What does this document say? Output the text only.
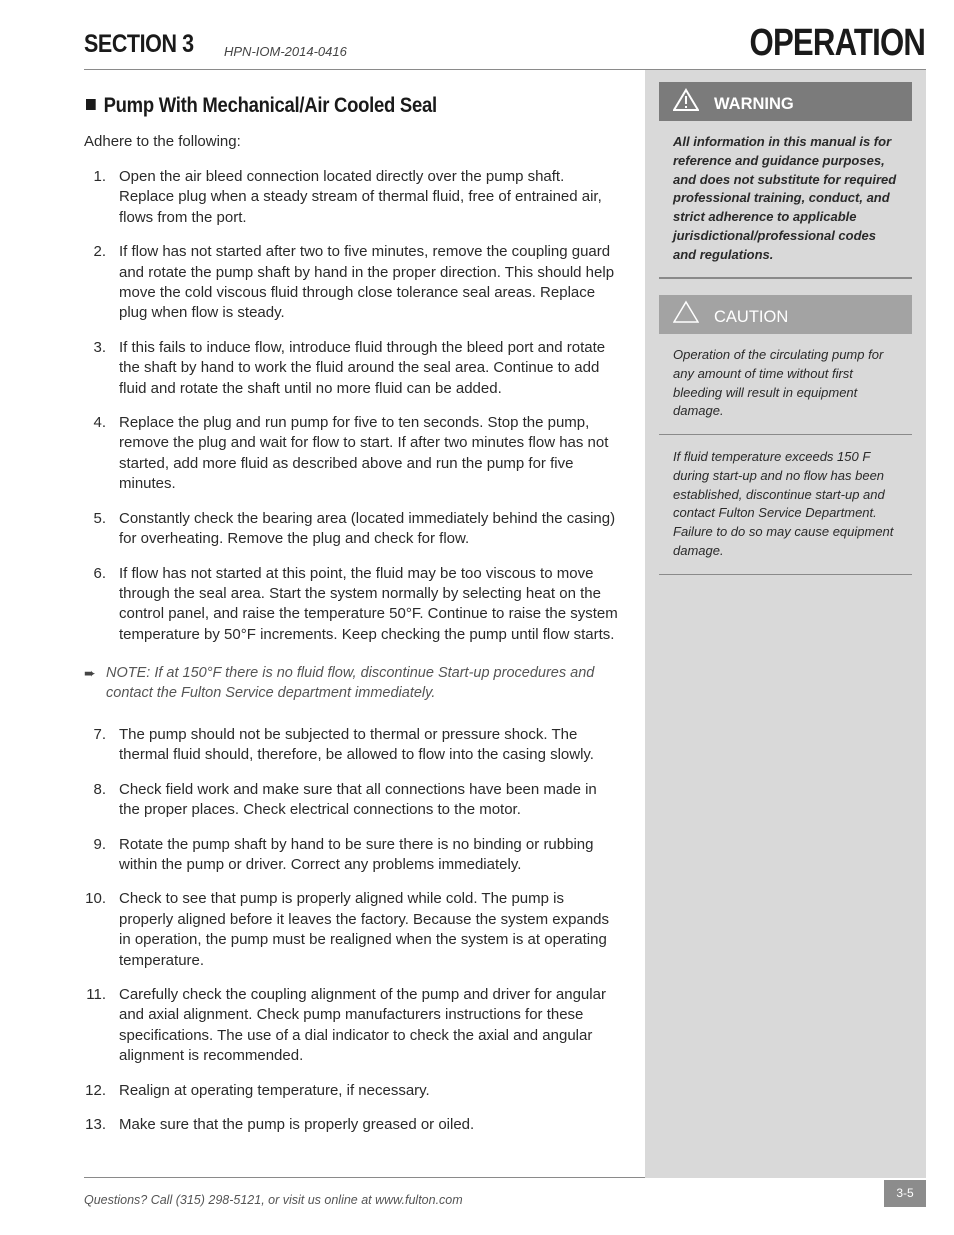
SECTION 3 HPN-IOM-2014-0416	OPERATION
Pump With Mechanical/Air Cooled Seal
Adhere to the following:
1. Open the air bleed connection located directly over the pump shaft. Replace plug when a steady stream of thermal fluid, free of entrained air, flows from the port.
2. If flow has not started after two to five minutes, remove the coupling guard and rotate the pump shaft by hand in the proper direction. This should help move the cold viscous fluid through close tolerance seal areas. Replace plug when flow is steady.
3. If this fails to induce flow, introduce fluid through the bleed port and rotate the shaft by hand to work the fluid around the seal area. Continue to add fluid and rotate the shaft until no more fluid can be added.
4. Replace the plug and run pump for five to ten seconds. Stop the pump, remove the plug and wait for flow to start. If after two minutes flow has not started, add more fluid as described above and run the pump for five minutes.
5. Constantly check the bearing area (located immediately behind the casing) for overheating. Remove the plug and check for flow.
6. If flow has not started at this point, the fluid may be too viscous to move through the seal area. Start the system normally by selecting heat on the control panel, and raise the temperature 50°F. Continue to raise the system temperature by 50°F increments. Keep checking the pump until flow starts.
➨ NOTE: If at 150°F there is no fluid flow, discontinue Start-up procedures and contact the Fulton Service department immediately.
7. The pump should not be subjected to thermal or pressure shock. The thermal fluid should, therefore, be allowed to flow into the casing slowly.
8. Check field work and make sure that all connections have been made in the proper places. Check electrical connections to the motor.
9. Rotate the pump shaft by hand to be sure there is no binding or rubbing within the pump or driver. Correct any problems immediately.
10. Check to see that pump is properly aligned while cold. The pump is properly aligned before it leaves the factory. Because the system expands in operation, the pump must be realigned when the system is at operating temperature.
11. Carefully check the coupling alignment of the pump and driver for angular and axial alignment. Check pump manufacturers instructions for these specifications. The use of a dial indicator to check the axial and angular alignment is recommended.
12. Realign at operating temperature, if necessary.
13. Make sure that the pump is properly greased or oiled.
WARNING
All information in this manual is for reference and guidance purposes, and does not substitute for required professional training, conduct, and strict adherence to applicable jurisdictional/professional codes and regulations.
CAUTION
Operation of the circulating pump for any amount of time without first bleeding will result in equipment damage.
If fluid temperature exceeds 150 F during start-up and no flow has been established, discontinue start-up and contact Fulton Service Department. Failure to do so may cause equipment damage.
Questions? Call (315) 298-5121, or visit us online at www.fulton.com	3-5
